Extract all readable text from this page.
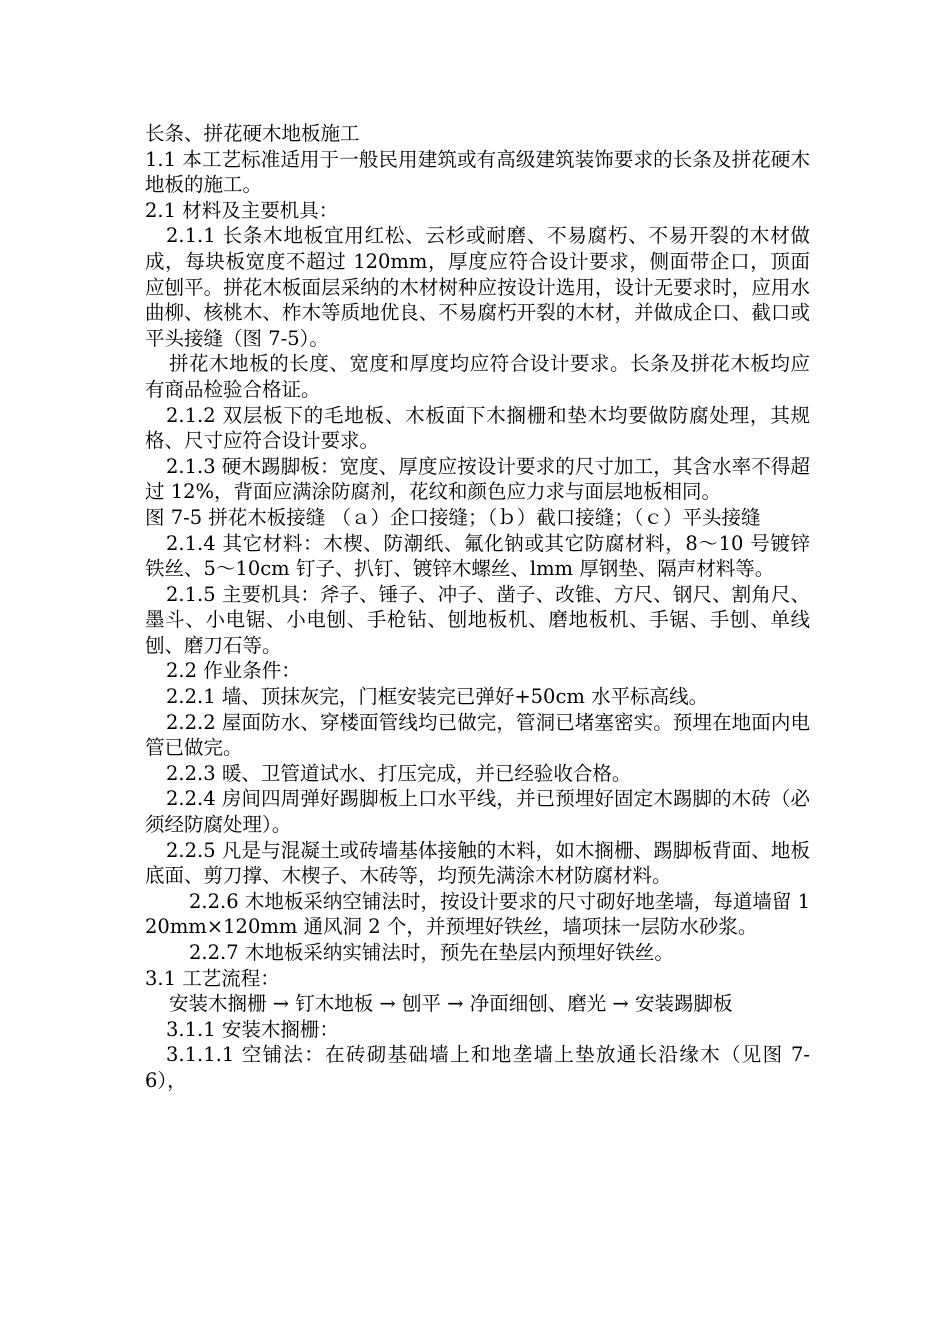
长条、拼花硬木地板施工
1.1 本工艺标准适用于一般民用建筑或有高级建筑装饰要求的长条及拼花硬木地板的施工。
2.1 材料及主要机具：
2.1.1 长条木地板宜用红松、云杉或耐磨、不易腐朽、不易开裂的木材做成，每块板宽度不超过 120mm，厚度应符合设计要求，侧面带企口，顶面应刨平。拼花木板面层采纳的木材树种应按设计选用，设计无要求时，应用水曲柳、核桃木、柞木等质地优良、不易腐朽开裂的木材，并做成企口、截口或平头接缝（图 7-5）。
拼花木地板的长度、宽度和厚度均应符合设计要求。长条及拼花木板均应有商品检验合格证。
2.1.2 双层板下的毛地板、木板面下木搁栅和垫木均要做防腐处理，其规格、尺寸应符合设计要求。
2.1.3 硬木踢脚板：宽度、厚度应按设计要求的尺寸加工，其含水率不得超过 12%，背面应满涂防腐剂，花纹和颜色应力求与面层地板相同。
图 7-5 拼花木板接缝 （ａ）企口接缝；（ｂ）截口接缝；（ｃ）平头接缝
2.1.4 其它材料：木楔、防潮纸、氟化钠或其它防腐材料，8～10 号镀锌铁丝、5～10cm 钉子、扒钉、镀锌木螺丝、lmm 厚钢垫、隔声材料等。
2.1.5 主要机具：斧子、锤子、冲子、凿子、改锥、方尺、钢尺、割角尺、墨斗、小电锯、小电刨、手枪钻、刨地板机、磨地板机、手锯、手刨、单线刨、磨刀石等。
2.2 作业条件：
2.2.1 墙、顶抹灰完，门框安装完已弹好+50cm 水平标高线。
2.2.2 屋面防水、穿楼面管线均已做完，管洞已堵塞密实。预埋在地面内电管已做完。
2.2.3 暖、卫管道试水、打压完成，并已经验收合格。
2.2.4 房间四周弹好踢脚板上口水平线，并已预埋好固定木踢脚的木砖（必须经防腐处理）。
2.2.5 凡是与混凝土或砖墙基体接触的木料，如木搁栅、踢脚板背面、地板底面、剪刀撑、木楔子、木砖等，均预先满涂木材防腐材料。
2.2.6 木地板采纳空铺法时，按设计要求的尺寸砌好地垄墙，每道墙留 120mm×120mm 通风洞 2 个，并预埋好铁丝，墙项抹一层防水砂浆。
2.2.7 木地板采纳实铺法时，预先在垫层内预埋好铁丝。
3.1 工艺流程：
安装木搁栅 → 钉木地板 → 刨平 → 净面细刨、磨光 → 安装踢脚板
3.1.1 安装木搁栅：
3.1.1.1 空铺法：在砖砌基础墙上和地垄墙上垫放通长沿缘木（见图 7-6），
